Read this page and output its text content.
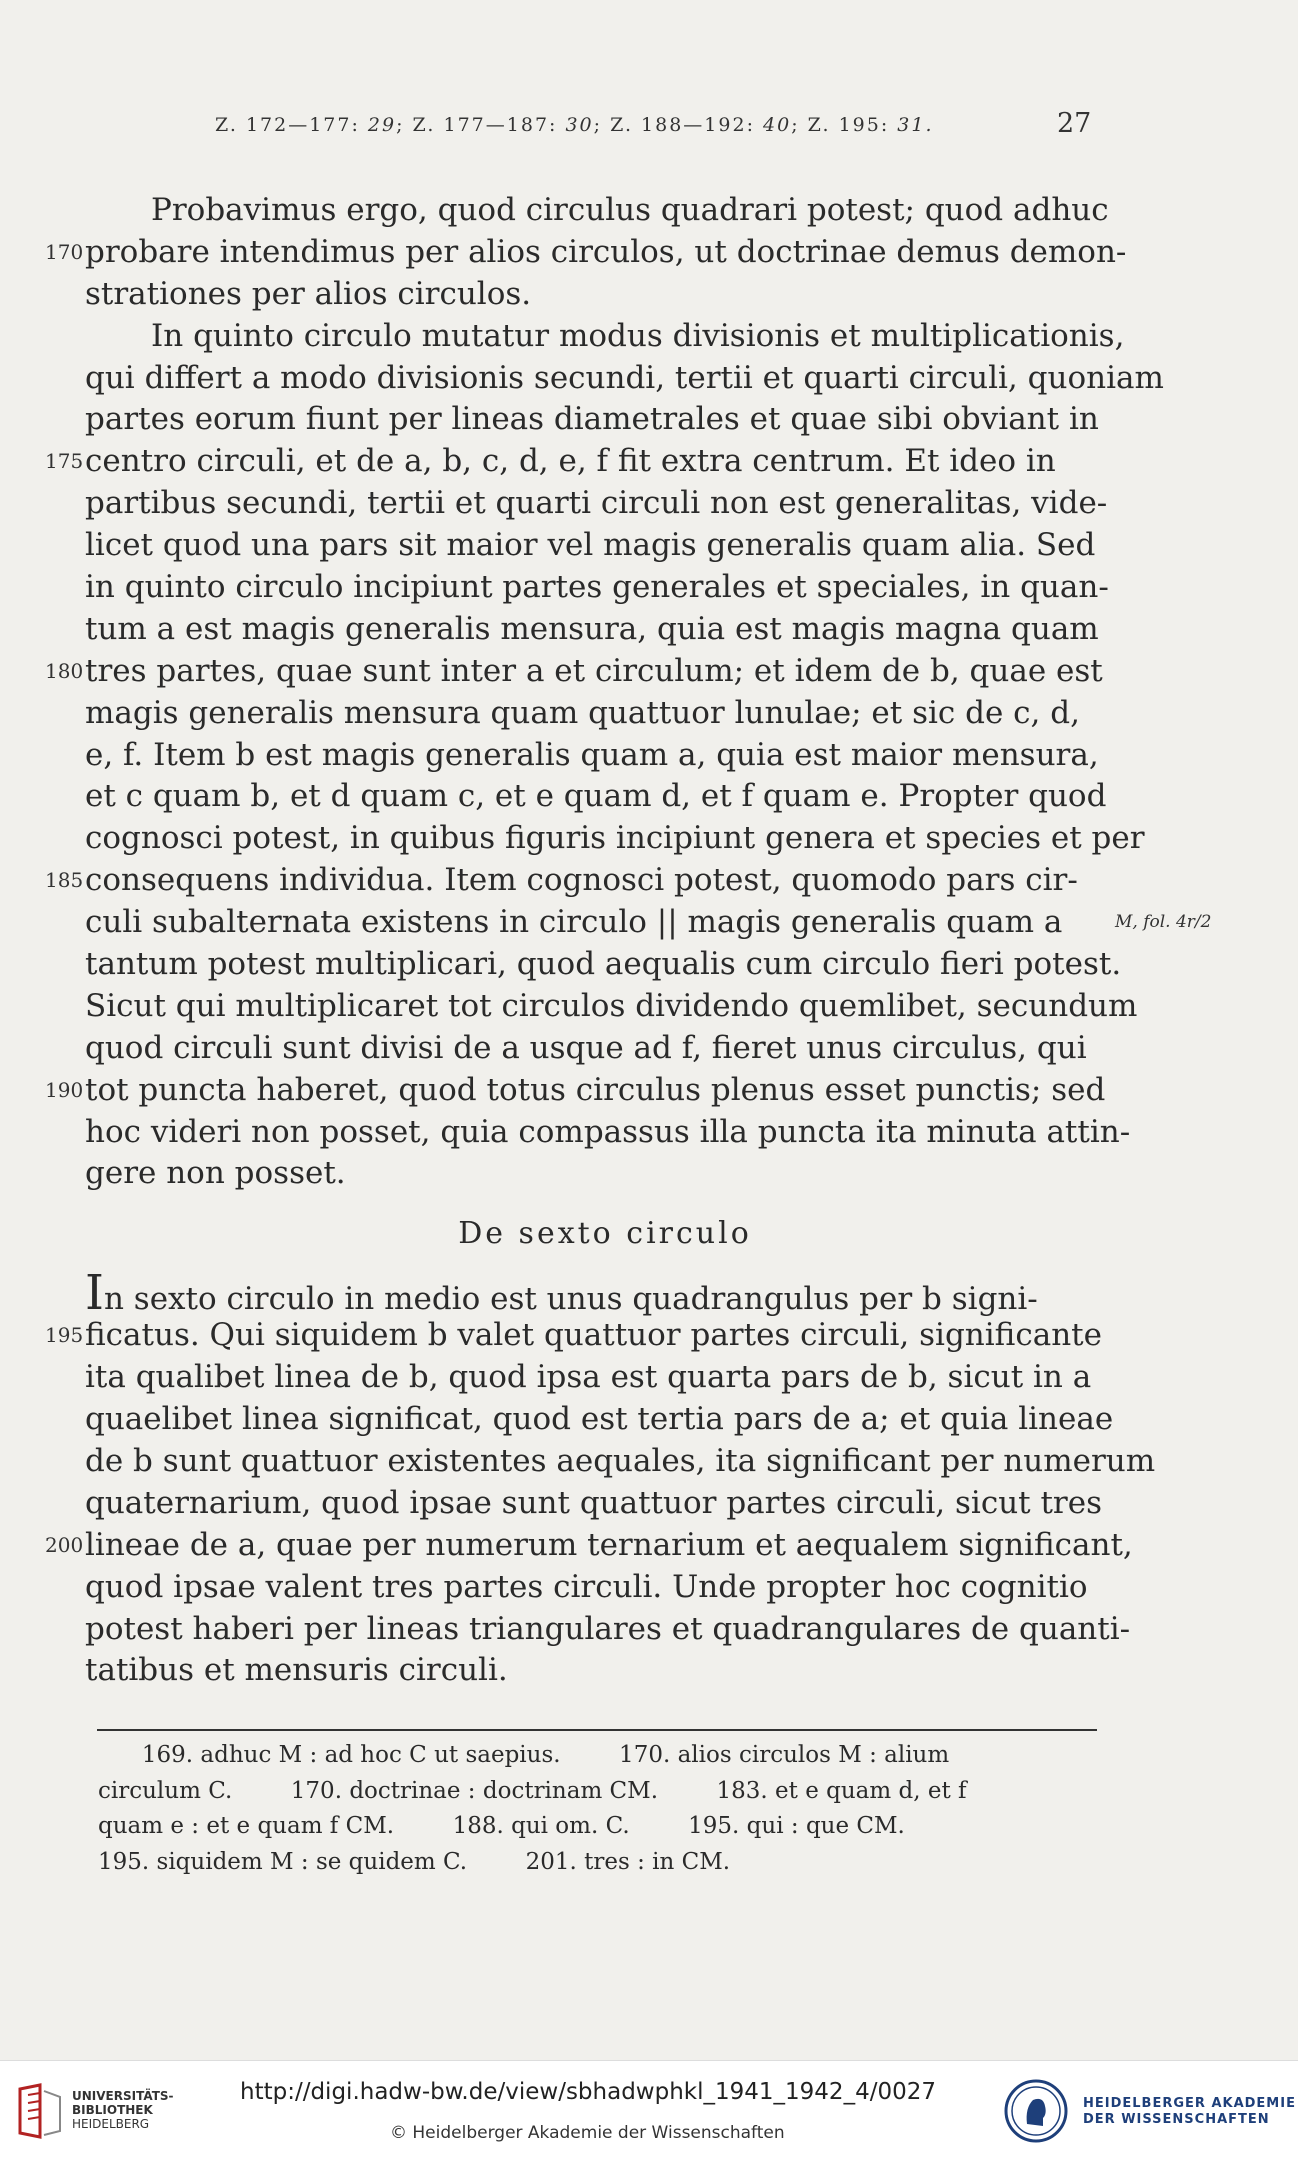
Z. 172—177: 29; Z. 177—187: 30; Z. 188—192: 40; Z. 195: 31.	27
Probavimus ergo, quod circulus quadrari potest; quod adhuc
170 probare intendimus per alios circulos, ut doctrinae demus demon-
strationes per alios circulos.
In quinto circulo mutatur modus divisionis et multiplicationis,
qui differt a modo divisionis secundi, tertii et quarti circuli, quoniam
partes eorum fiunt per lineas diametrales et quae sibi obviant in
175 centro circuli, et de a, b, c, d, e, f fit extra centrum. Et ideo in
partibus secundi, tertii et quarti circuli non est generalitas, vide-
licet quod una pars sit maior vel magis generalis quam alia. Sed
in quinto circulo incipiunt partes generales et speciales, in quan-
tum a est magis generalis mensura, quia est magis magna quam
180 tres partes, quae sunt inter a et circulum; et idem de b, quae est
magis generalis mensura quam quattuor lunulae; et sic de c, d,
e, f. Item b est magis generalis quam a, quia est maior mensura,
et c quam b, et d quam c, et e quam d, et f quam e. Propter quod
cognosci potest, in quibus figuris incipiunt genera et species et per
185 consequens individua. Item cognosci potest, quomodo pars cir-
culi subalternata existens in circulo || magis generalis quam a	M, fol. 4r/2
tantum potest multiplicari, quod aequalis cum circulo fieri potest.
Sicut qui multiplicaret tot circulos dividendo quemlibet, secundum
quod circuli sunt divisi de a usque ad f, fieret unus circulus, qui
190 tot puncta haberet, quod totus circulus plenus esset punctis; sed
hoc videri non posset, quia compassus illa puncta ita minuta attin-
gere non posset.
De sexto circulo
In sexto circulo in medio est unus quadrangulus per b signi-
195 ficatus. Qui siquidem b valet quattuor partes circuli, significante
ita qualibet linea de b, quod ipsa est quarta pars de b, sicut in a
quaelibet linea significat, quod est tertia pars de a; et quia lineae
de b sunt quattuor existentes aequales, ita significant per numerum
quaternarium, quod ipsae sunt quattuor partes circuli, sicut tres
200 lineae de a, quae per numerum ternarium et aequalem significant,
quod ipsae valent tres partes circuli. Unde propter hoc cognitio
potest haberi per lineas triangulares et quadrangulares de quanti-
tatibus et mensuris circuli.
169. adhuc M : ad hoc C ut saepius.        170. alios circulos M : alium
circulum C.        170. doctrinae : doctrinam CM.        183. et e quam d, et f
quam e : et e quam f CM.        188. qui om. C.        195. qui : que CM.
195. siquidem M : se quidem C.        201. tres : in CM.
UNIVERSITÄTS-
BIBLIOTHEK
HEIDELBERG
http://digi.hadw-bw.de/view/sbhadwphkl_1941_1942_4/0027
© Heidelberger Akademie der Wissenschaften
HEIDELBERGER AKADEMIE
DER WISSENSCHAFTEN
